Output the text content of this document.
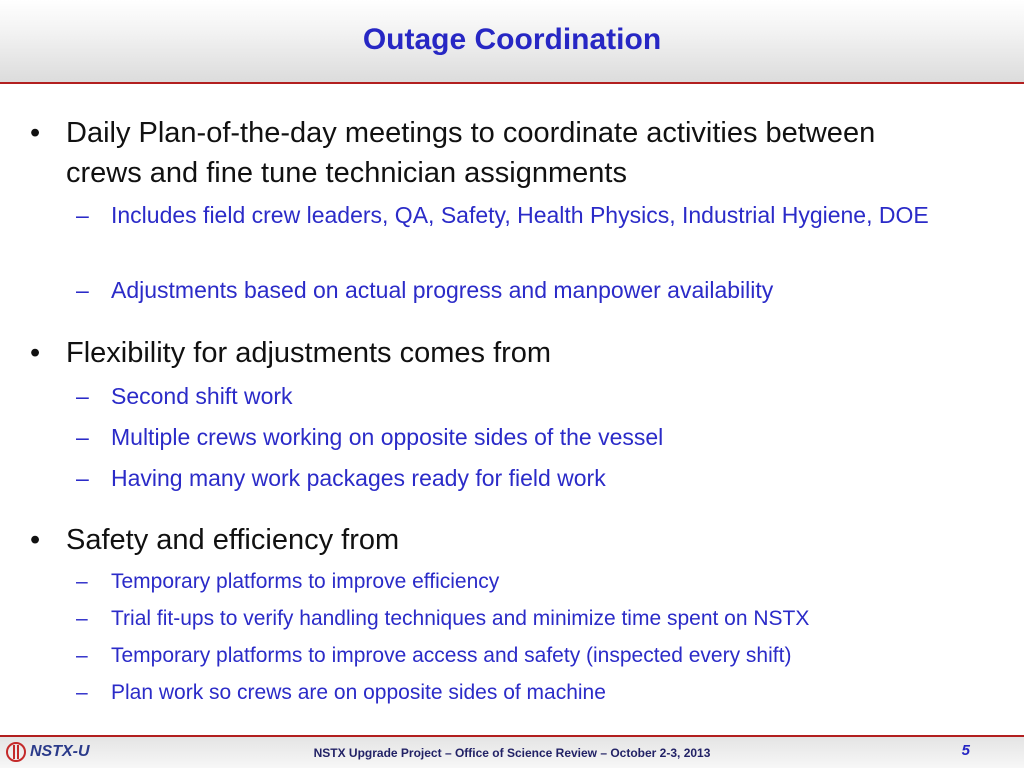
Outage Coordination
• Daily Plan-of-the-day meetings to coordinate activities between crews and fine tune technician assignments
– Includes field crew leaders, QA, Safety, Health Physics, Industrial Hygiene, DOE
– Adjustments based on actual progress and manpower availability
• Flexibility for adjustments comes from
– Second shift work
– Multiple crews working on opposite sides of the vessel
– Having many work packages ready for field work
• Safety and efficiency from
– Temporary platforms to improve efficiency
– Trial fit-ups to verify handling techniques and minimize time spent on NSTX
– Temporary platforms to improve access and safety (inspected every shift)
– Plan work so crews are on opposite sides of machine
NSTX-U	NSTX Upgrade Project – Office of Science Review – October 2-3, 2013	5
